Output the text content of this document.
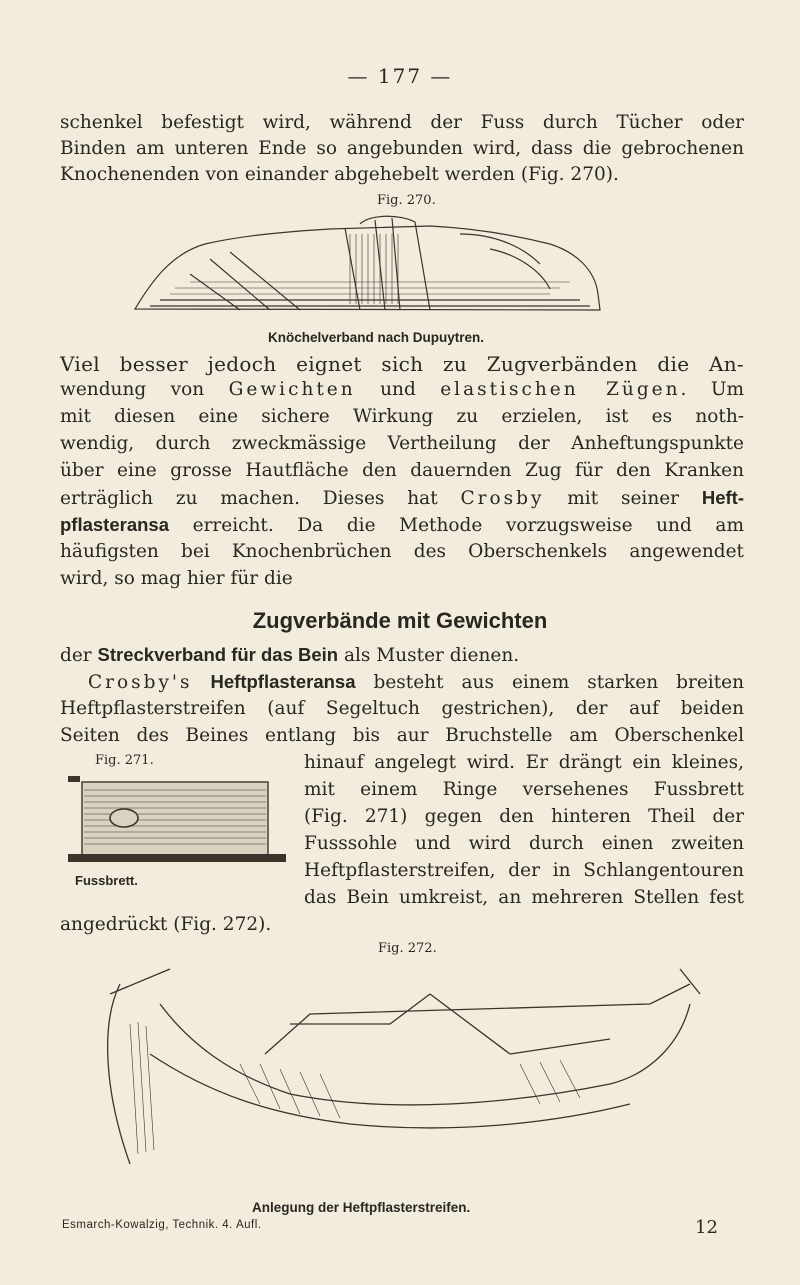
— 177 —
schenkel befestigt wird, während der Fuss durch Tücher oder
Binden am unteren Ende so angebunden wird, dass die gebrochenen
Knochenenden von einander abgehebelt werden (Fig. 270).
Fig. 270.
Knöchelverband nach Dupuytren.
Viel besser jedoch eignet sich zu Zugverbänden die An-
wendung von Gewichten und elastischen Zügen. Um
mit diesen eine sichere Wirkung zu erzielen, ist es noth-
wendig, durch zweckmässige Vertheilung der Anheftungspunkte
über eine grosse Hautfläche den dauernden Zug für den Kranken
erträglich zu machen. Dieses hat Crosby mit seiner Heft-
pflasteransa erreicht. Da die Methode vorzugsweise und am
häufigsten bei Knochenbrüchen des Oberschenkels angewendet
wird, so mag hier für die
Zugverbände mit Gewichten
der Streckverband für das Bein als Muster dienen.
Crosby's Heftpflasteransa besteht aus einem starken breiten
Heftpflasterstreifen (auf Segeltuch gestrichen), der auf beiden
Seiten des Beines entlang bis aur Bruchstelle am Oberschenkel
Fig. 271.
Fussbrett.
hinauf angelegt wird. Er drängt ein kleines,
mit einem Ringe versehenes Fussbrett
(Fig. 271) gegen den hinteren Theil der
Fusssohle und wird durch einen zweiten
Heftpflasterstreifen, der in Schlangentouren
das Bein umkreist, an mehreren Stellen fest
angedrückt (Fig. 272).
Fig. 272.
Anlegung der Heftpflasterstreifen.
Esmarch-Kowalzig, Technik. 4. Aufl.	12
